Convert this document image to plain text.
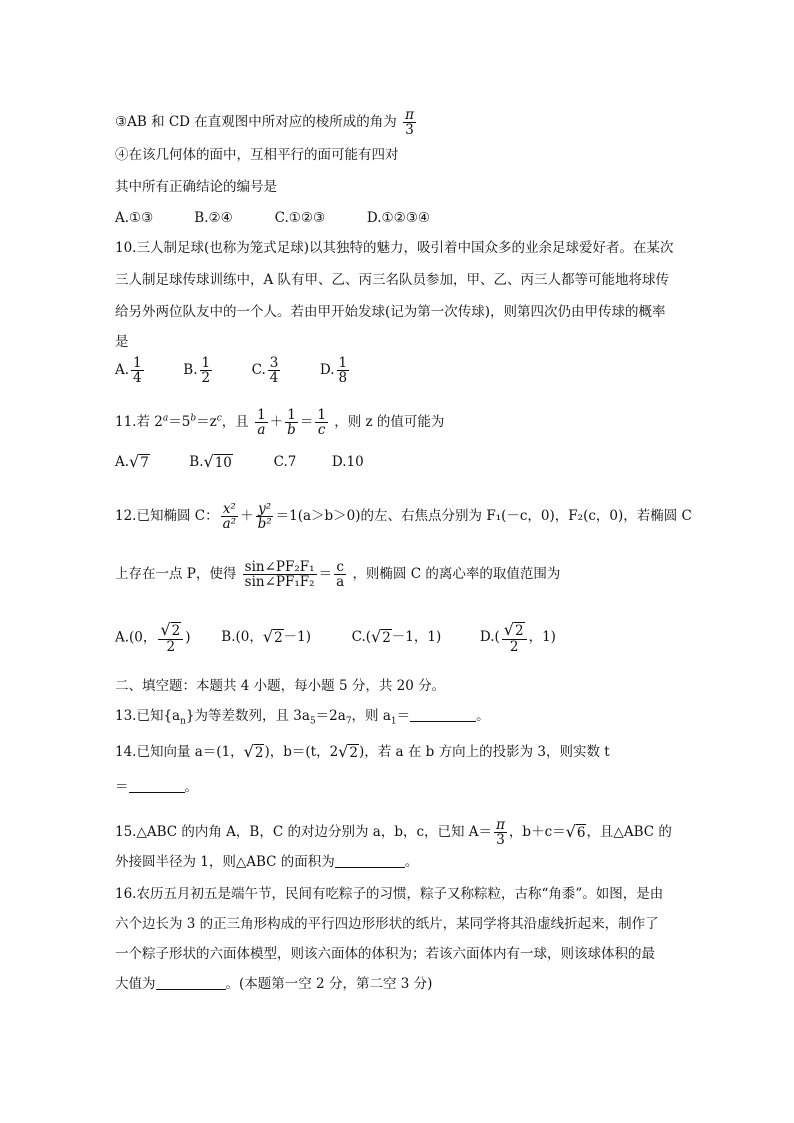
③AB 和 CD 在直观图中所对应的棱所成的角为 $\frac{\pi}{3}$
④在该几何体的面中，互相平行的面可能有四对
其中所有正确结论的编号是
A.①③	B.②④	C.①②③	D.①②③④
10.三人制足球(也称为笼式足球)以其独特的魅力，吸引着中国众多的业余足球爱好者。在某次
三人制足球传球训练中，A 队有甲、乙、丙三名队员参加，甲、乙、丙三人都等可能地将球传
给另外两位队友中的一个人。若由甲开始发球(记为第一次传球)，则第四次仍由甲传球的概率
是
A. $\frac{1}{4}$	B. $\frac{1}{2}$	C. $\frac{3}{4}$	D. $\frac{1}{8}$
11.若 $2^a=5^b=z^c$，且 $\frac{1}{a} + \frac{1}{b} = \frac{1}{c}$ ，则 z 的值可能为
A.√7	B.√10	C.7	D.10
12.已知椭圆 C： $\frac{\text{x²}}{\text{a²}} + \frac{\text{y²}}{\text{b²}} =1(a>b>0)$的左、右焦点分别为 F₁(－c，0)，F₂(c，0)，若椭圆 C
上存在一点 P，使得 $\frac{\text{sin∠PF₂F₁}}{\text{sin∠PF₁F₂}} = \frac{c}{a}$ ，则椭圆 C 的离心率的取值范围为
A.(0， $\frac{√2}{2}$ ) B.(0，√2－1)	C.(√2－1，1)	$D.( \frac{√2}{2}$ ，1)
二、填空题：本题共 4 小题，每小题 5 分，共 20 分。
13.已知$\{a_n\}$为等差数列，且 $3a_5=2a_7$，则 $a_1=$	。
14.已知向量 a＝(1，√2)，b＝(t，2√2)，若 a 在 b 方向上的投影为 3，则实数 t
＝	。
15.△ABC 的内角 A，B，C 的对边分别为 a，b，c，已知 $A= \frac{\pi}{3}$ ，b＋c＝√6，且△ABC 的
外接圆半径为 1，则△ABC 的面积为	。
16.农历五月初五是端午节，民间有吃粽子的习惯，粽子又称粽粒，古称“角黍”。如图，是由
六个边长为 3 的正三角形构成的平行四边形形状的纸片，某同学将其沿虚线折起来，制作了
一个粽子形状的六面体模型，则该六面体的体积为；若该六面体内有一球，则该球体积的最
大值为	。(本题第一空 2 分，第二空 3 分)
